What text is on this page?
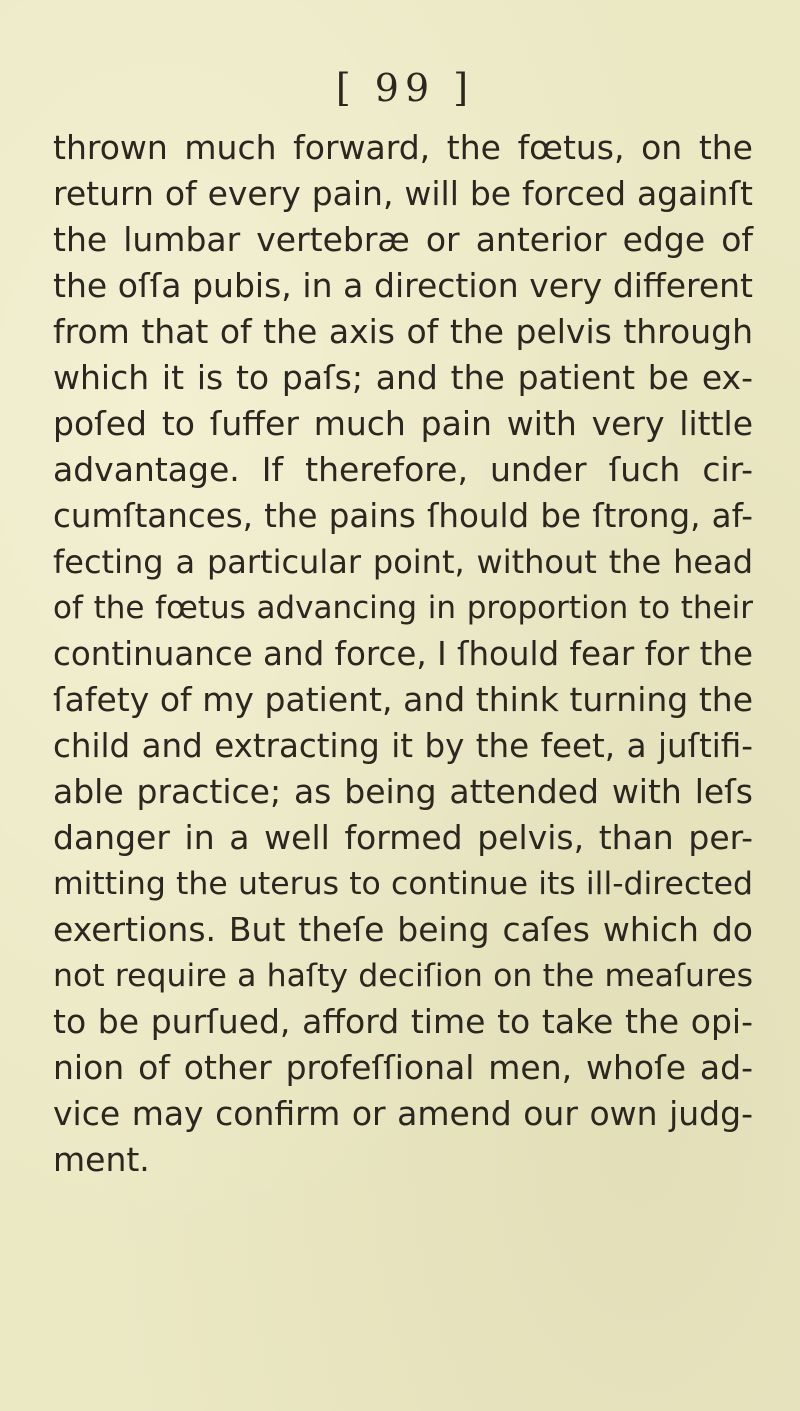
[ 99 ]
thrown much forward, the fœtus, on the
return of every pain, will be forced againſt
the lumbar vertebræ or anterior edge of
the oſſa pubis, in a direction very different
from that of the axis of the pelvis through
which it is to paſs; and the patient be ex-
poſed to ſuffer much pain with very little
advantage. If therefore, under ſuch cir-
cumſtances, the pains ſhould be ſtrong, af-
fecting a particular point, without the head
of the fœtus advancing in proportion to their
continuance and force, I ſhould fear for the
ſafety of my patient, and think turning the
child and extracting it by the feet, a juſtifi-
able practice; as being attended with leſs
danger in a well formed pelvis, than per-
mitting the uterus to continue its ill-directed
exertions. But theſe being caſes which do
not require a haſty deciſion on the meaſures
to be purſued, afford time to take the opi-
nion of other profeſſional men, whoſe ad-
vice may confirm or amend our own judg-
ment.
